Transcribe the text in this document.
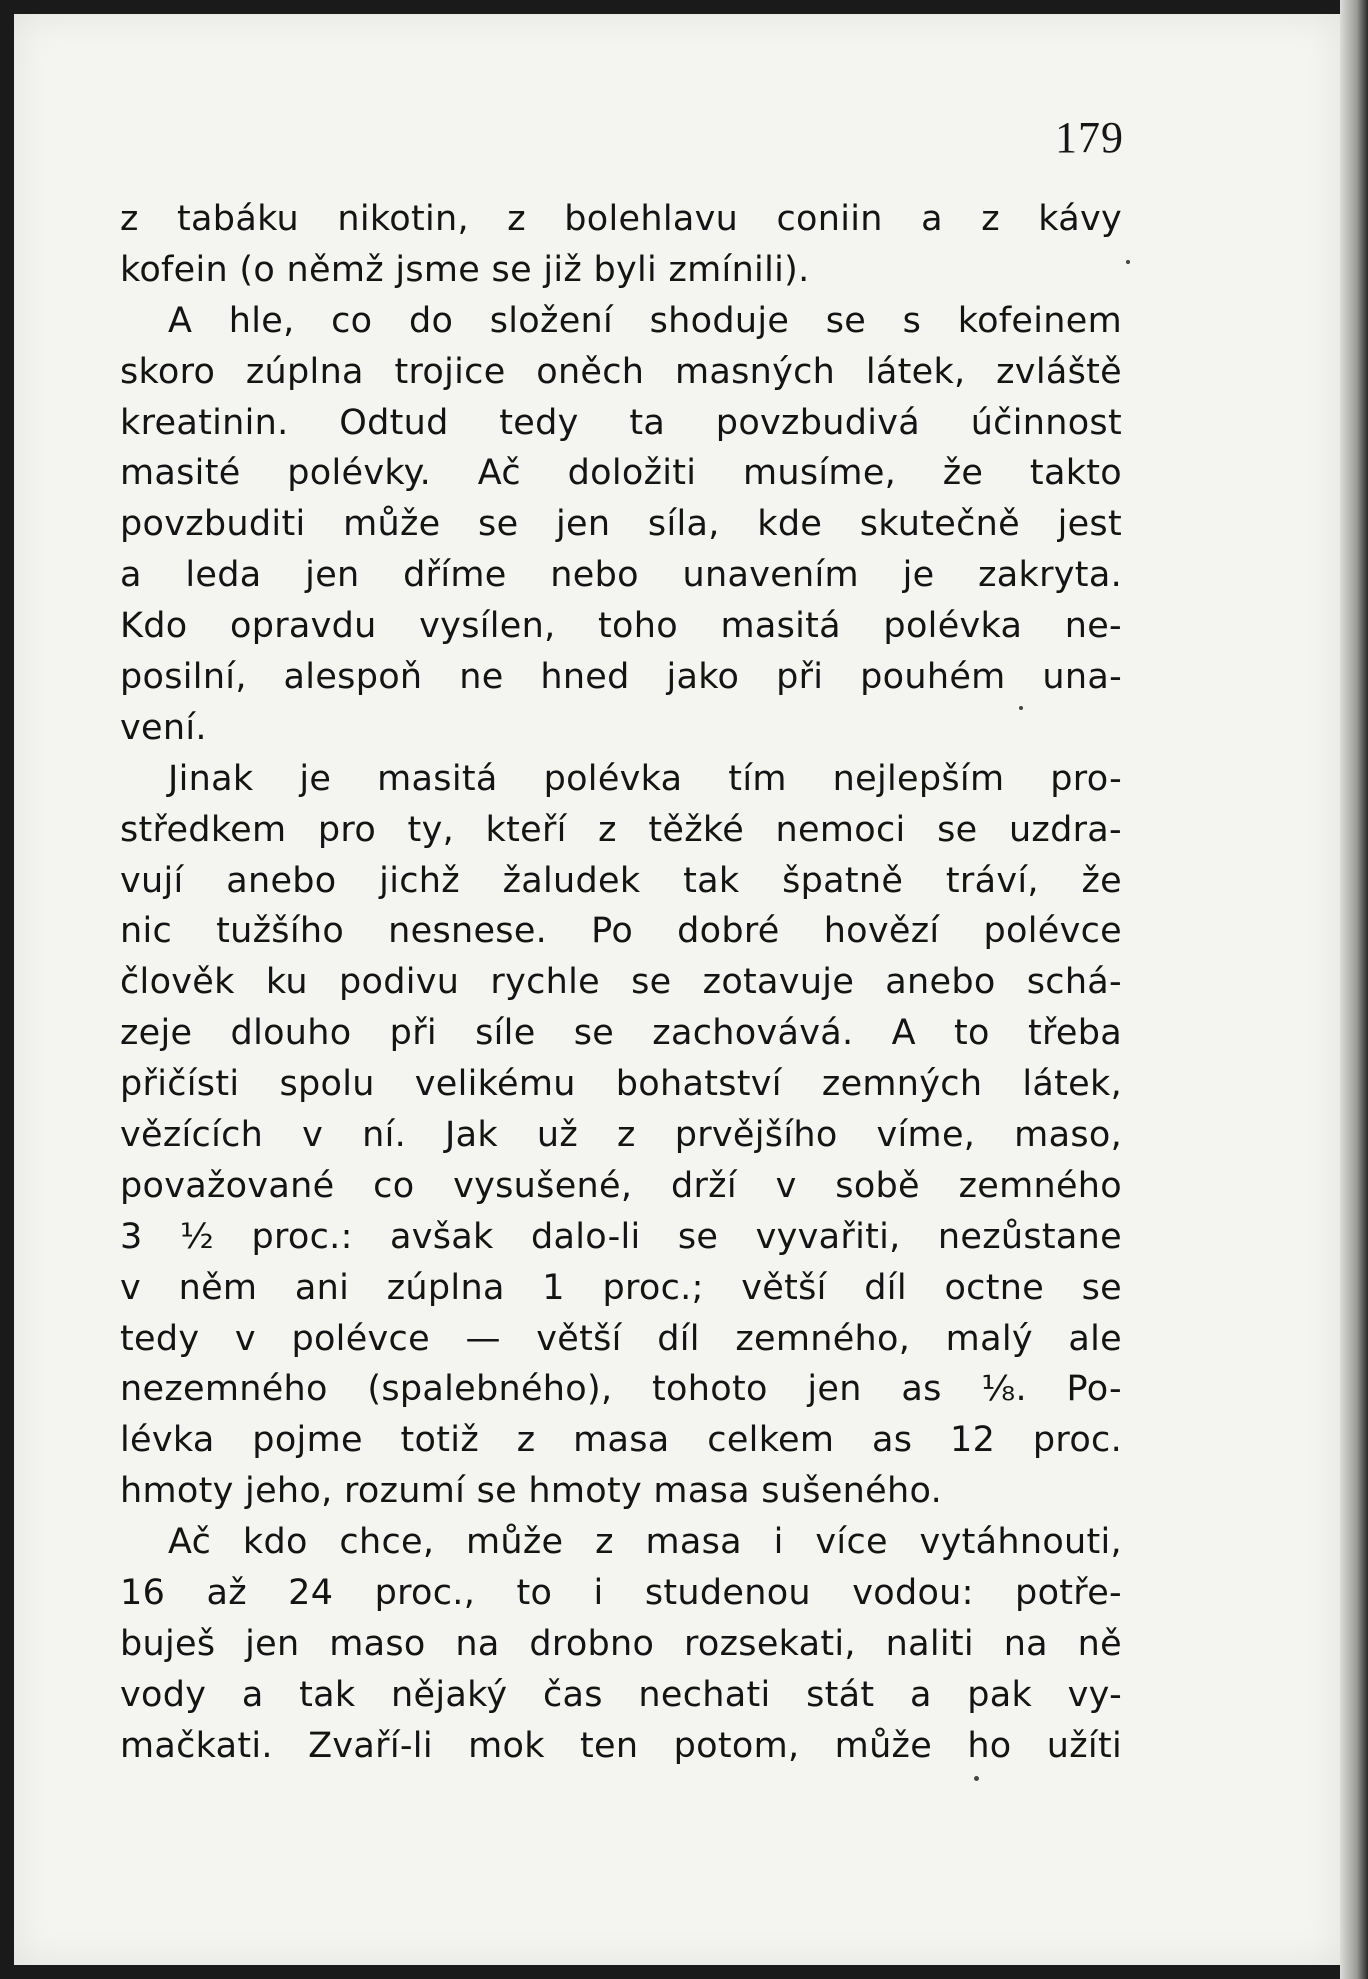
179
z tabáku nikotin, z bolehlavu coniin a z kávy
kofein (o němž jsme se již byli zmínili).
A hle, co do složení shoduje se s kofeinem
skoro zúplna trojice oněch masných látek, zvláště
kreatinin. Odtud tedy ta povzbudivá účinnost
masité polévky. Ač doložiti musíme, že takto
povzbuditi může se jen síla, kde skutečně jest
a leda jen dříme nebo unavením je zakryta.
Kdo opravdu vysílen, toho masitá polévka ne-
posilní, alespoň ne hned jako při pouhém una-
vení.
Jinak je masitá polévka tím nejlepším pro-
středkem pro ty, kteří z těžké nemoci se uzdra-
vují anebo jichž žaludek tak špatně tráví, že
nic tužšího nesnese. Po dobré hovězí polévce
člověk ku podivu rychle se zotavuje anebo schá-
zeje dlouho při síle se zachovává. A to třeba
přičísti spolu velikému bohatství zemných látek,
vězících v ní. Jak už z prvějšího víme, maso,
považované co vysušené, drží v sobě zemného
3 ½ proc.: avšak dalo-li se vyvařiti, nezůstane
v něm ani zúplna 1 proc.; větší díl octne se
tedy v polévce — větší díl zemného, malý ale
nezemného (spalebného), tohoto jen as ⅛. Po-
lévka pojme totiž z masa celkem as 12 proc.
hmoty jeho, rozumí se hmoty masa sušeného.
Ač kdo chce, může z masa i více vytáhnouti,
16 až 24 proc., to i studenou vodou: potře-
buješ jen maso na drobno rozsekati, naliti na ně
vody a tak nějaký čas nechati stát a pak vy-
mačkati. Zvaří-li mok ten potom, může ho užíti
